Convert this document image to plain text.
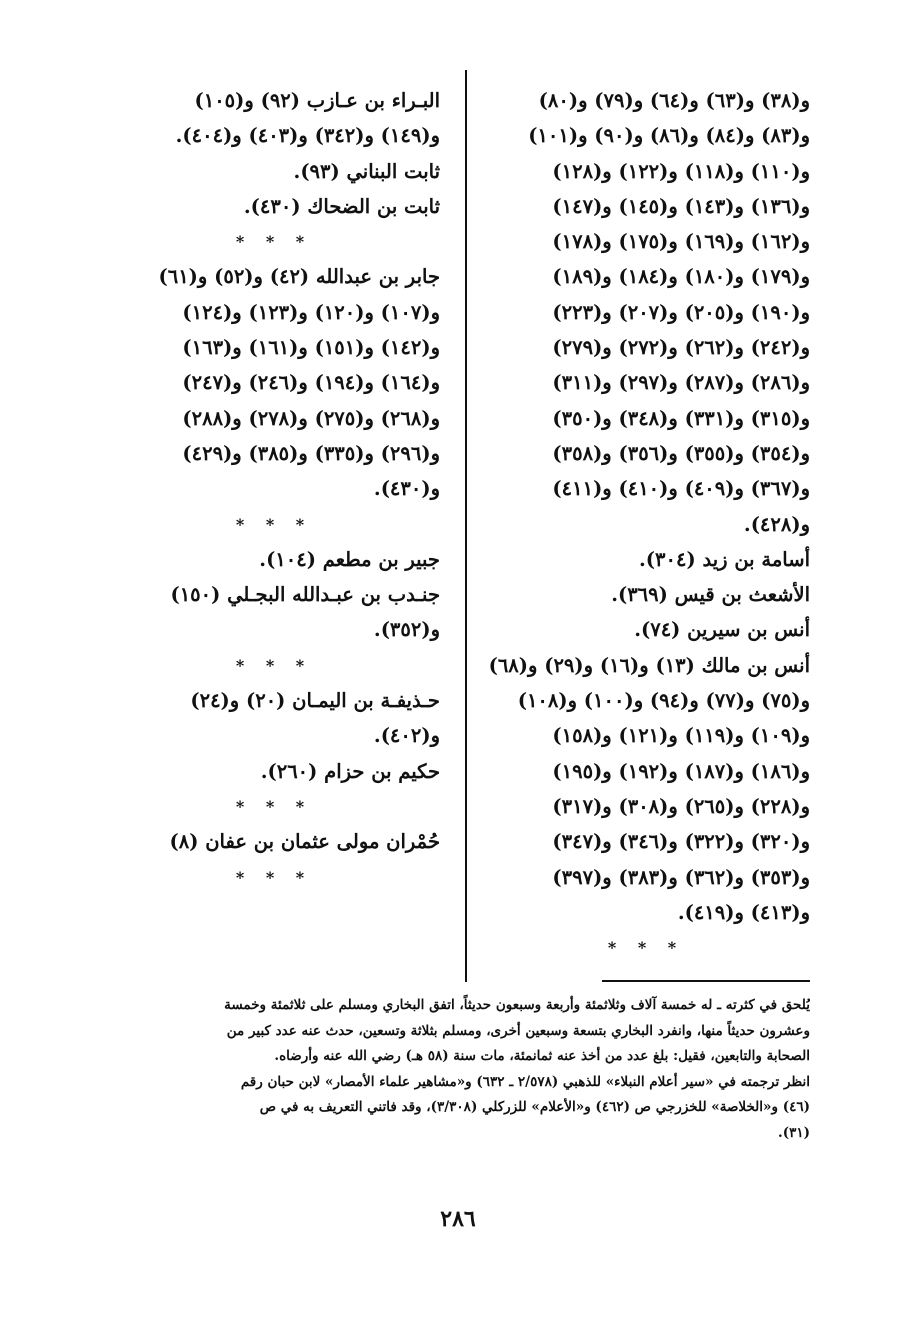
و(٣٨) و(٦٣) و(٦٤) و(٧٩) و(٨٠)
و(٨٣) و(٨٤) و(٨٦) و(٩٠) و(١٠١)
و(١١٠) و(١١٨) و(١٢٢) و(١٢٨)
و(١٣٦) و(١٤٣) و(١٤٥) و(١٤٧)
و(١٦٢) و(١٦٩) و(١٧٥) و(١٧٨)
و(١٧٩) و(١٨٠) و(١٨٤) و(١٨٩)
و(١٩٠) و(٢٠٥) و(٢٠٧) و(٢٢٣)
و(٢٤٢) و(٢٦٢) و(٢٧٢) و(٢٧٩)
و(٢٨٦) و(٢٨٧) و(٢٩٧) و(٣١١)
و(٣١٥) و(٣٣١) و(٣٤٨) و(٣٥٠)
و(٣٥٤) و(٣٥٥) و(٣٥٦) و(٣٥٨)
و(٣٦٧) و(٤٠٩) و(٤١٠) و(٤١١)
و(٤٢٨).
أسامة بن زيد (٣٠٤).
الأشعث بن قيس (٣٦٩).
أنس بن سيرين (٧٤).
أنس بن مالك (١٣) و(١٦) و(٢٩) و(٦٨)
و(٧٥) و(٧٧) و(٩٤) و(١٠٠) و(١٠٨)
و(١٠٩) و(١١٩) و(١٢١) و(١٥٨)
و(١٨٦) و(١٨٧) و(١٩٢) و(١٩٥)
و(٢٢٨) و(٢٦٥) و(٣٠٨) و(٣١٧)
و(٣٢٠) و(٣٢٢) و(٣٤٦) و(٣٤٧)
و(٣٥٣) و(٣٦٢) و(٣٨٣) و(٣٩٧)
و(٤١٣) و(٤١٩).
* * *
البـراء بن عـازب (٩٢) و(١٠٥)
و(١٤٩) و(٣٤٢) و(٤٠٣) و(٤٠٤).
ثابت البناني (٩٣).
ثابت بن الضحاك (٤٣٠).
* * *
جابر بن عبدالله (٤٢) و(٥٢) و(٦١)
و(١٠٧) و(١٢٠) و(١٢٣) و(١٢٤)
و(١٤٢) و(١٥١) و(١٦١) و(١٦٣)
و(١٦٤) و(١٩٤) و(٢٤٦) و(٢٤٧)
و(٢٦٨) و(٢٧٥) و(٢٧٨) و(٢٨٨)
و(٢٩٦) و(٣٣٥) و(٣٨٥) و(٤٢٩)
و(٤٣٠).
* * *
جبير بن مطعم (١٠٤).
جنـدب بن عبـدالله البجـلي (١٥٠)
و(٣٥٢).
* * *
حـذيفـة بن اليمـان (٢٠) و(٢٤)
و(٤٠٢).
حكيم بن حزام (٢٦٠).
* * *
حُمْران مولى عثمان بن عفان (٨)
* * *
يُلحق في كثرته ـ له خمسة آلاف وثلاثمئة وأربعة وسبعون حديثاً، اتفق البخاري ومسلم على ثلاثمئة وخمسة
وعشرون حديثاً منها، وانفرد البخاري بتسعة وسبعين أخرى، ومسلم بثلاثة وتسعين، حدث عنه عدد كبير من
الصحابة والتابعين، فقيل: بلغ عدد من أخذ عنه ثمانمئة، مات سنة (٥٨ هـ) رضي الله عنه وأرضاه.
انظر ترجمته في «سير أعلام النبلاء» للذهبي (٢/٥٧٨ ـ ٦٣٢) و«مشاهير علماء الأمصار» لابن حبان رقم
(٤٦) و«الخلاصة» للخزرجي ص (٤٦٢) و«الأعلام» للزركلي (٣/٣٠٨)، وقد فاتني التعريف به في ص
(٣١).
٢٨٦
